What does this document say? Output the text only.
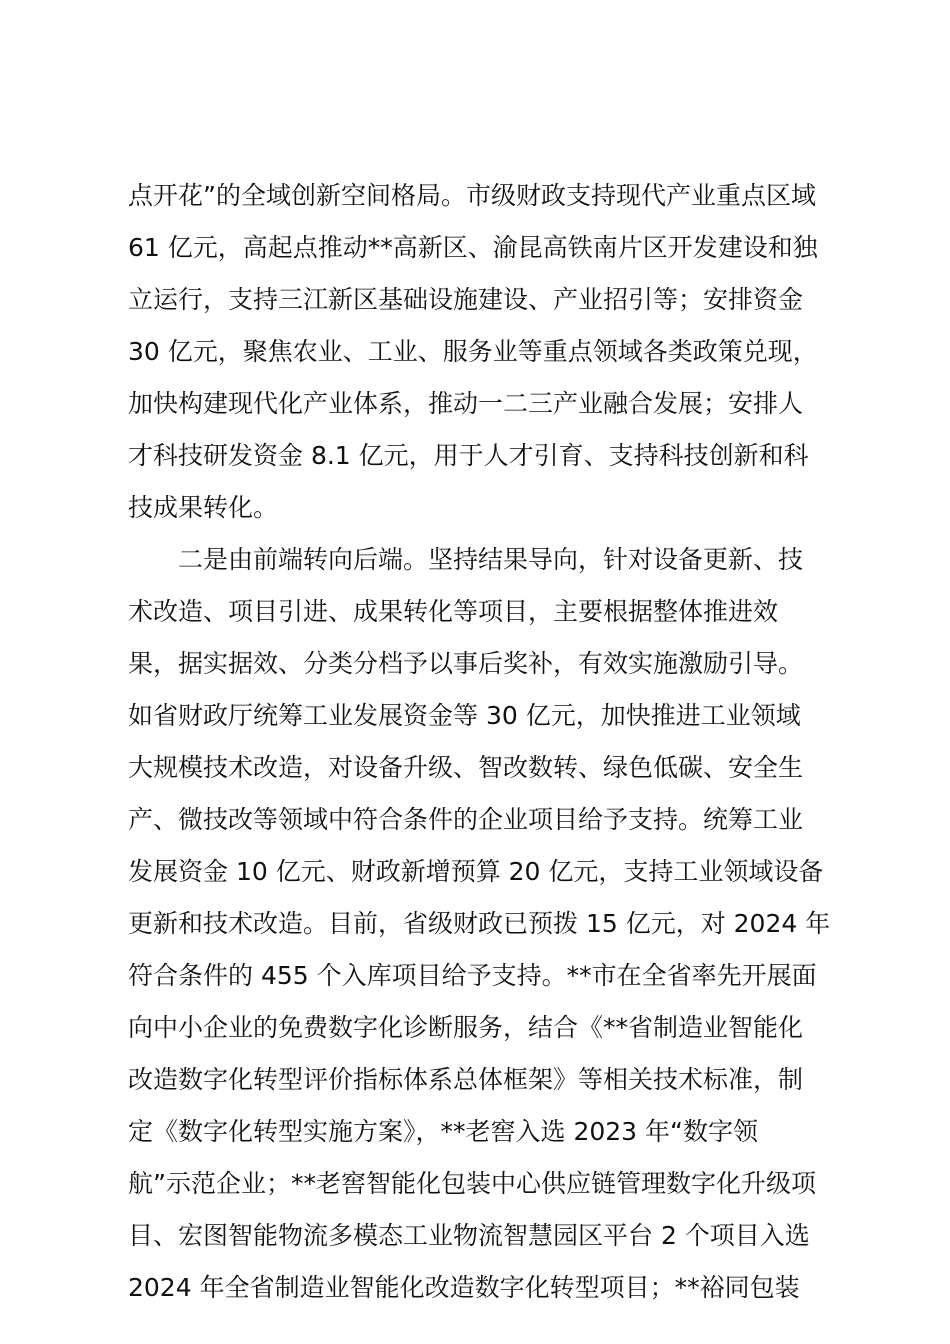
点开花”的全域创新空间格局。市级财政支持现代产业重点区域
61 亿元，高起点推动**高新区、渝昆高铁南片区开发建设和独
立运行，支持三江新区基础设施建设、产业招引等；安排资金
30 亿元，聚焦农业、工业、服务业等重点领域各类政策兑现，
加快构建现代化产业体系，推动一二三产业融合发展；安排人
才科技研发资金 8.1 亿元，用于人才引育、支持科技创新和科
技成果转化。
　　二是由前端转向后端。坚持结果导向，针对设备更新、技
术改造、项目引进、成果转化等项目，主要根据整体推进效
果，据实据效、分类分档予以事后奖补，有效实施激励引导。
如省财政厅统筹工业发展资金等 30 亿元，加快推进工业领域
大规模技术改造，对设备升级、智改数转、绿色低碳、安全生
产、微技改等领域中符合条件的企业项目给予支持。统筹工业
发展资金 10 亿元、财政新增预算 20 亿元，支持工业领域设备
更新和技术改造。目前，省级财政已预拨 15 亿元，对 2024 年
符合条件的 455 个入库项目给予支持。**市在全省率先开展面
向中小企业的免费数字化诊断服务，结合《**省制造业智能化
改造数字化转型评价指标体系总体框架》等相关技术标准，制
定《数字化转型实施方案》，**老窖入选 2023 年“数字领
航”示范企业；**老窖智能化包装中心供应链管理数字化升级项
目、宏图智能物流多模态工业物流智慧园区平台 2 个项目入选
2024 年全省制造业智能化改造数字化转型项目；**裕同包装
